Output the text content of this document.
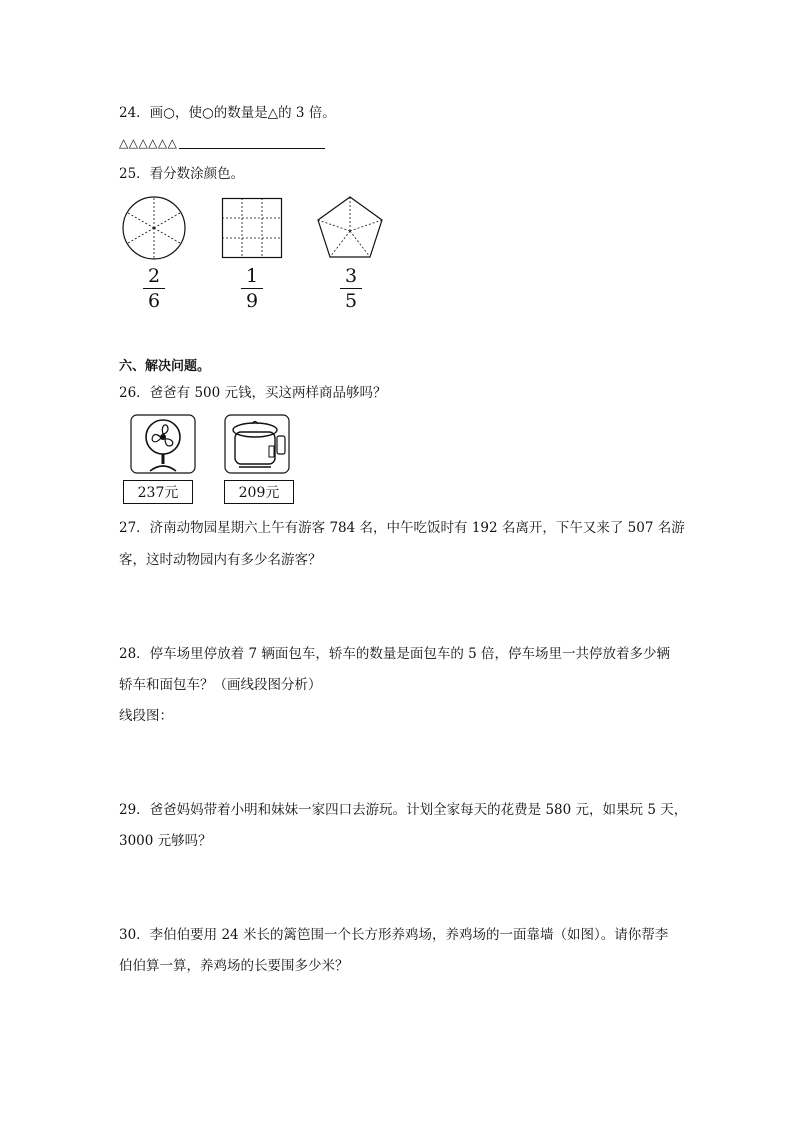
24．画○，使○的数量是△的 3 倍。
△△△△△△
25．看分数涂颜色。
2
6
1
9
3
5
六、解决问题。
26．爸爸有 500 元钱，买这两样商品够吗？
237元	209元
27．济南动物园星期六上午有游客 784 名，中午吃饭时有 192 名离开，下午又来了 507 名游
客，这时动物园内有多少名游客？
28．停车场里停放着 7 辆面包车，轿车的数量是面包车的 5 倍，停车场里一共停放着多少辆
轿车和面包车？（画线段图分析）
线段图：
29．爸爸妈妈带着小明和妹妹一家四口去游玩。计划全家每天的花费是 580 元，如果玩 5 天，
3000 元够吗？
30．李伯伯要用 24 米长的篱笆围一个长方形养鸡场，养鸡场的一面靠墙（如图）。请你帮李
伯伯算一算，养鸡场的长要围多少米？
